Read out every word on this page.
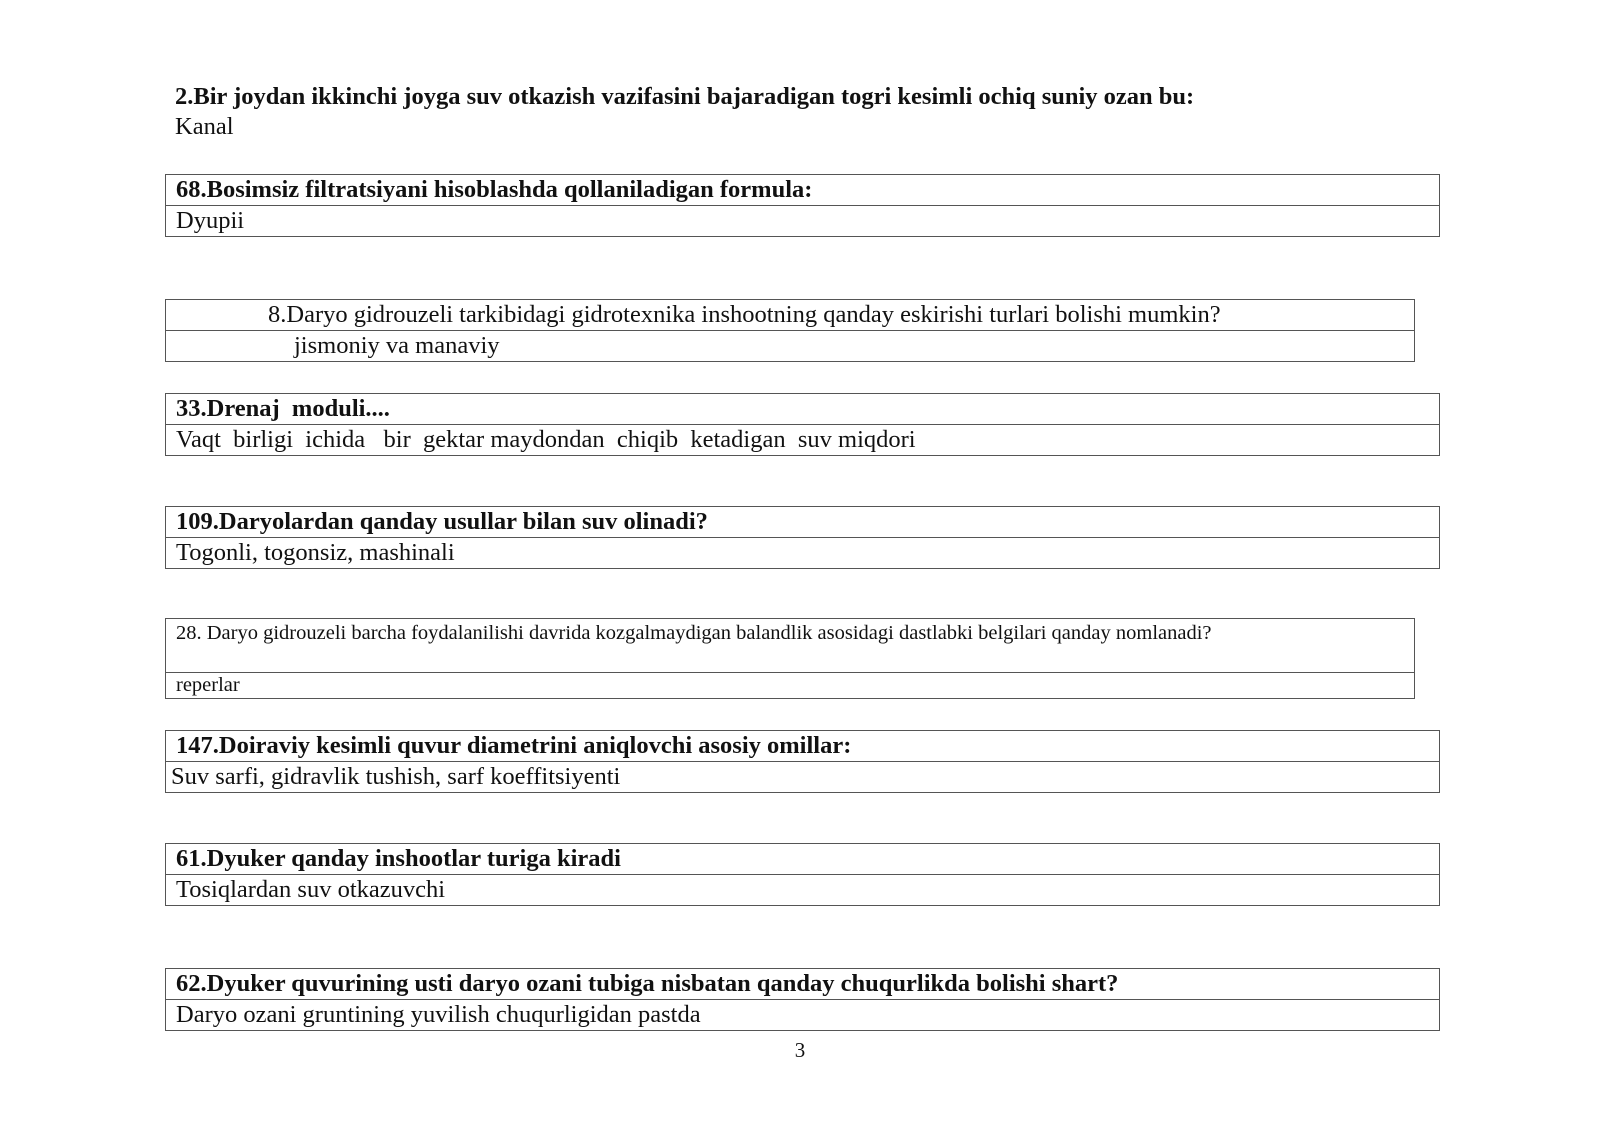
2.Bir joydan ikkinchi joyga suv otkazish vazifasini bajaradigan togri kesimli ochiq suniy ozan bu:
Kanal
68.Bosimsiz filtratsiyani hisoblashda qollaniladigan formula:
Dyupii
8.Daryo gidrouzeli tarkibidagi gidrotexnika inshootning qanday eskirishi turlari bolishi mumkin?
jismoniy va manaviy
33.Drenaj  moduli....
Vaqt  birligi  ichida   bir  gektar maydondan  chiqib  ketadigan  suv miqdori
109.Daryolardan qanday usullar bilan suv olinadi?
Togonli, togonsiz, mashinali
28. Daryo gidrouzeli barcha foydalanilishi davrida kozgalmaydigan balandlik asosidagi dastlabki belgilari qanday nomlanadi?
reperlar
147.Doiraviy kesimli quvur diametrini aniqlovchi asosiy omillar:
Suv sarfi, gidravlik tushish, sarf koeffitsiyenti
61.Dyuker qanday inshootlar turiga kiradi
Tosiqlardan suv otkazuvchi
62.Dyuker quvurining usti daryo ozani tubiga nisbatan qanday chuqurlikda bolishi shart?
Daryo ozani gruntining yuvilish chuqurligidan pastda
3
